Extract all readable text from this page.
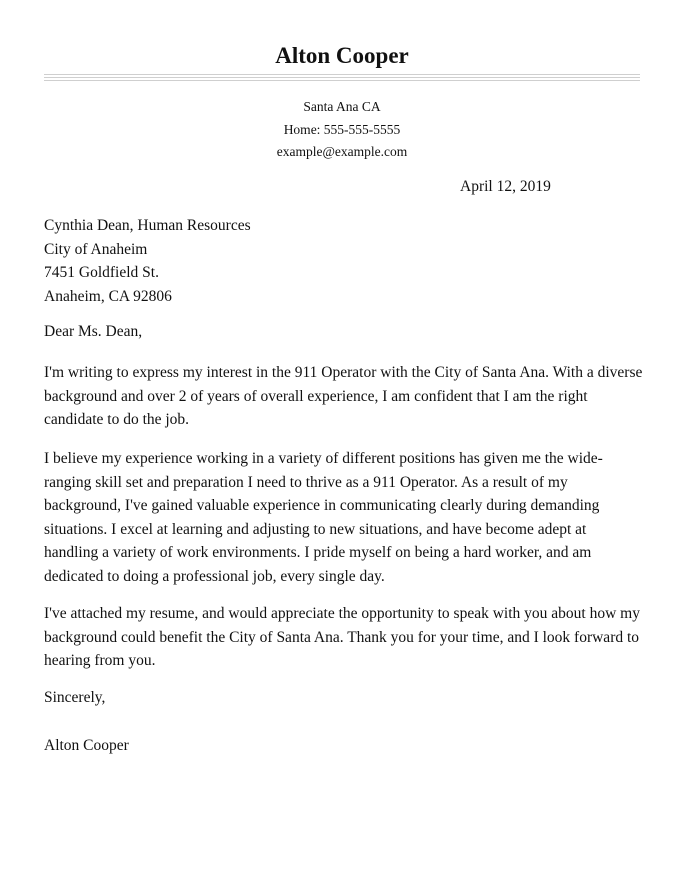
Alton Cooper
Santa Ana CA
Home: 555-555-5555
example@example.com
April 12, 2019
Cynthia Dean, Human Resources
City of Anaheim
7451 Goldfield St.
Anaheim, CA 92806
Dear Ms. Dean,

I'm writing to express my interest in the 911 Operator with the City of Santa Ana. With a diverse background and over 2 of years of overall experience, I am confident that I am the right candidate to do the job.

I believe my experience working in a variety of different positions has given me the wide-ranging skill set and preparation I need to thrive as a 911 Operator. As a result of my background, I've gained valuable experience in communicating clearly during demanding situations. I excel at learning and adjusting to new situations, and have become adept at handling a variety of work environments. I pride myself on being a hard worker, and am dedicated to doing a professional job, every single day.

I've attached my resume, and would appreciate the opportunity to speak with you about how my background could benefit the City of Santa Ana. Thank you for your time, and I look forward to hearing from you.

Sincerely,
Alton Cooper
